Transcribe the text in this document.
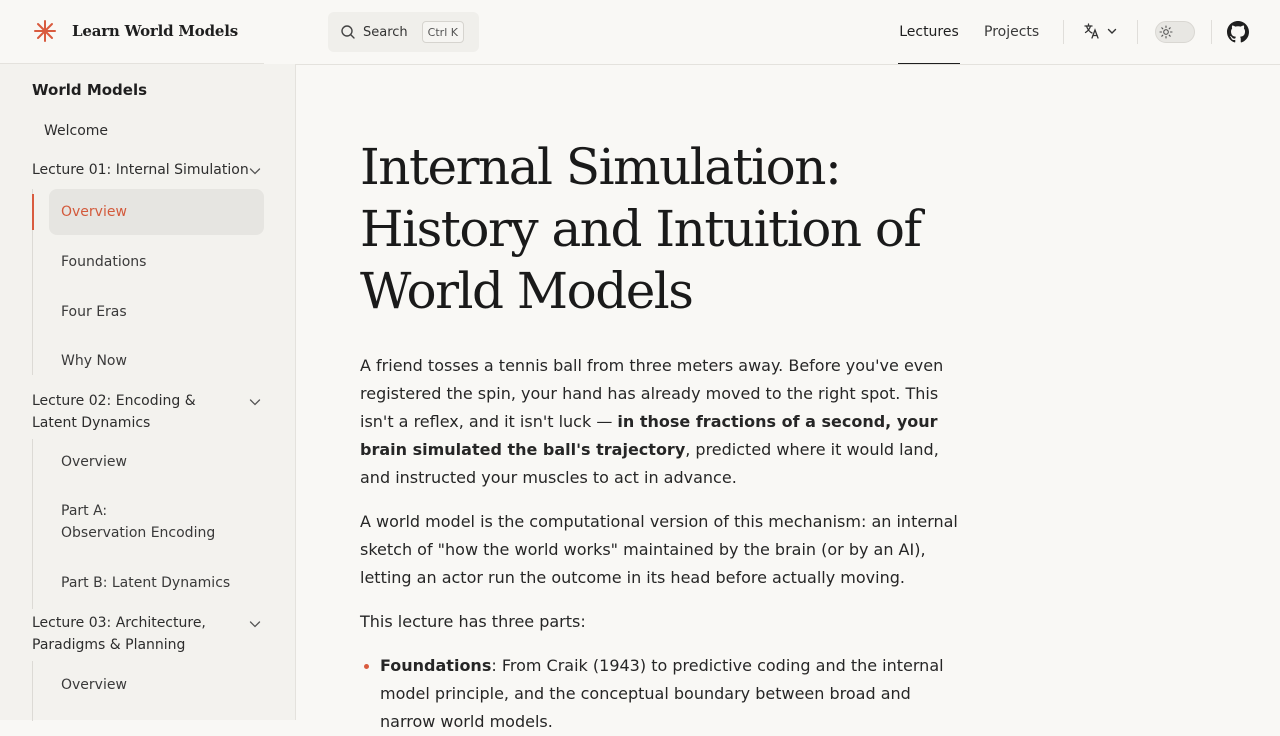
Learn World Models	Search	Ctrl K	Lectures Projects
World Models
Welcome
Lecture 01: Internal Simulation
Overview
Foundations
Four Eras
Why Now
Lecture 02: Encoding &
Latent Dynamics
Overview
Part A:
Observation Encoding
Part B: Latent Dynamics
Lecture 03: Architecture,
Paradigms & Planning
Overview
Internal Simulation:
History and Intuition of
World Models

A friend tosses a tennis ball from three meters away. Before you've even registered the spin, your hand has already moved to the right spot. This isn't a reflex, and it isn't luck — in those fractions of a second, your brain simulated the ball's trajectory, predicted where it would land, and instructed your muscles to act in advance.

A world model is the computational version of this mechanism: an internal sketch of "how the world works" maintained by the brain (or by an AI), letting an actor run the outcome in its head before actually moving.

This lecture has three parts:

Foundations: From Craik (1943) to predictive coding and the internal model principle, and the conceptual boundary between broad and narrow world models.
